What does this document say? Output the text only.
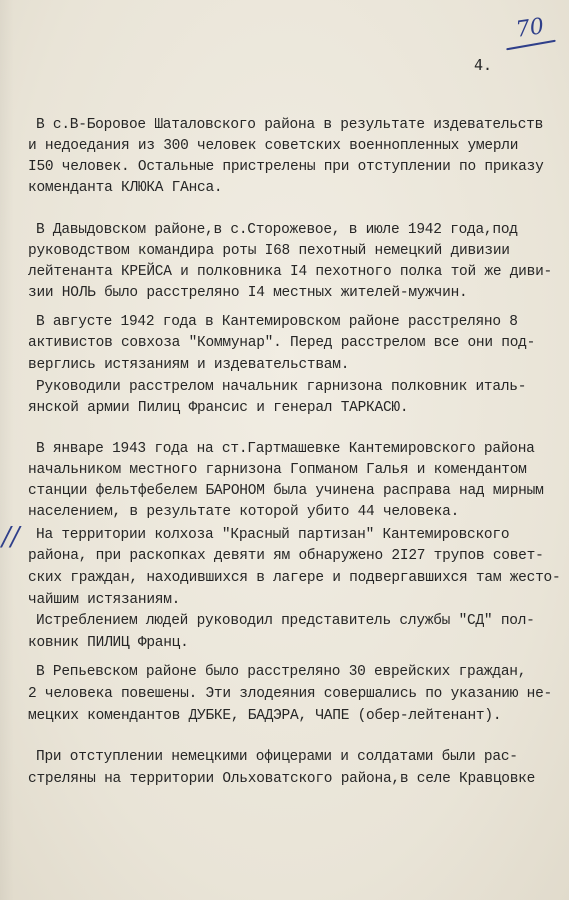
70
4.
//
В с.В-Боровое Шаталовского района в результате издевательств
и недоедания из 300 человек советских военнопленных умерли
I50 человек. Остальные пристрелены при отступлении по приказу
коменданта КЛЮКА ГАнса.
В Давыдовском районе,в с.Сторожевое, в июле 1942 года,под
руководством командира роты I68 пехотный немецкий дивизии
лейтенанта КРЕЙСА и полковника I4 пехотного полка той же диви-
зии НОЛЬ было расстреляно I4 местных жителей-мужчин.
В августе 1942 года в Кантемировском районе расстреляно 8
активистов совхоза "Коммунар". Перед расстрелом все они под-
верглись истязаниям и издевательствам.
Руководили расстрелом начальник гарнизона полковник италь-
янской армии Пилиц Франсис и генерал ТАРКАСЮ.
В январе 1943 года на ст.Гартмашевке Кантемировского района
начальником местного гарнизона Гопманом Галья и комендантом
станции фельтфебелем БАРОНОМ была учинена расправа над мирным
населением, в результате которой убито 44 человека.
На территории колхоза "Красный партизан" Кантемировского
района, при раскопках девяти ям обнаружено 2I27 трупов совет-
ских граждан, находившихся в лагере и подвергавшихся там жесто-
чайшим истязаниям.
Истреблением людей руководил представитель службы "СД" пол-
ковник ПИЛИЦ Франц.
В Репьевском районе было расстреляно 30 еврейских граждан,
2 человека повешены. Эти злодеяния совершались по указанию не-
мецких комендантов ДУБКЕ, БАДЭРА, ЧАПЕ (обер-лейтенант).
При отступлении немецкими офицерами и солдатами были рас-
стреляны на территории Ольховатского района,в селе Кравцовке
